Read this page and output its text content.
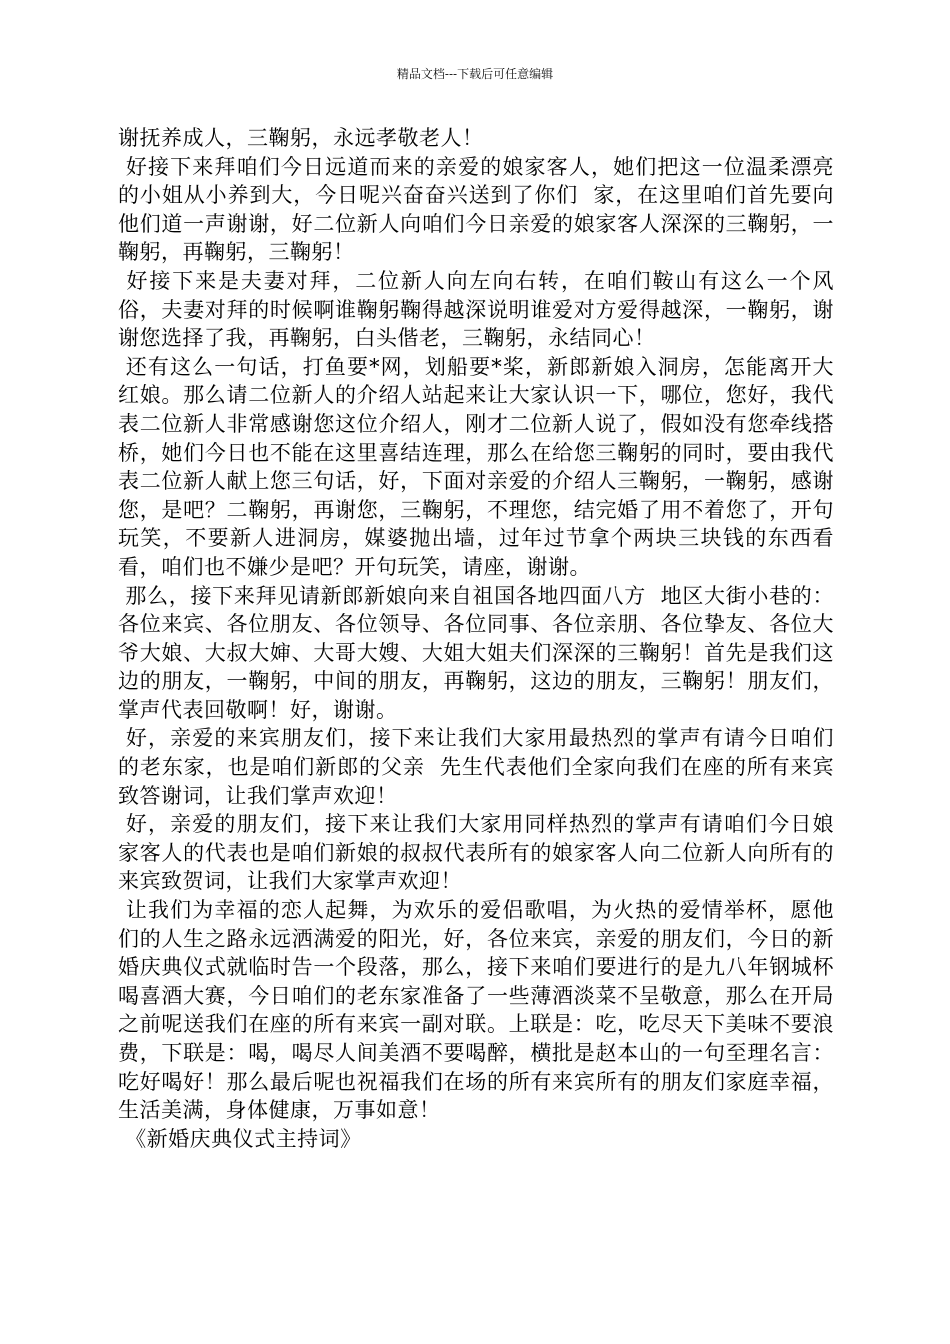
精品文档---下载后可任意编辑

谢抚养成人，三鞠躬，永远孝敬老人！

好接下来拜咱们今日远道而来的亲爱的娘家客人，她们把这一位温柔漂亮的小姐从小养到大，今日呢兴奋奋兴送到了你们  家，在这里咱们首先要向他们道一声谢谢，好二位新人向咱们今日亲爱的娘家客人深深的三鞠躬，一鞠躬，再鞠躬，三鞠躬！

好接下来是夫妻对拜，二位新人向左向右转，在咱们鞍山有这么一个风俗，夫妻对拜的时候啊谁鞠躬鞠得越深说明谁爱对方爱得越深，一鞠躬，谢谢您选择了我，再鞠躬，白头偕老，三鞠躬，永结同心！

还有这么一句话，打鱼要*网，划船要*桨，新郎新娘入洞房，怎能离开大红娘。那么请二位新人的介绍人站起来让大家认识一下，哪位，您好，我代表二位新人非常感谢您这位介绍人，刚才二位新人说了，假如没有您牵线搭桥，她们今日也不能在这里喜结连理，那么在给您三鞠躬的同时，要由我代表二位新人献上您三句话，好，下面对亲爱的介绍人三鞠躬，一鞠躬，感谢您，是吧？二鞠躬，再谢您，三鞠躬，不理您，结完婚了用不着您了，开句玩笑，不要新人进洞房，媒婆抛出墙，过年过节拿个两块三块钱的东西看看，咱们也不嫌少是吧？开句玩笑，请座，谢谢。

那么，接下来拜见请新郎新娘向来自祖国各地四面八方  地区大街小巷的：各位来宾、各位朋友、各位领导、各位同事、各位亲朋、各位挚友、各位大爷大娘、大叔大婶、大哥大嫂、大姐大姐夫们深深的三鞠躬！首先是我们这边的朋友，一鞠躬，中间的朋友，再鞠躬，这边的朋友，三鞠躬！朋友们，掌声代表回敬啊！好，谢谢。

好，亲爱的来宾朋友们，接下来让我们大家用最热烈的掌声有请今日咱们的老东家，也是咱们新郎的父亲  先生代表他们全家向我们在座的所有来宾致答谢词，让我们掌声欢迎！

好，亲爱的朋友们，接下来让我们大家用同样热烈的掌声有请咱们今日娘家客人的代表也是咱们新娘的叔叔代表所有的娘家客人向二位新人向所有的来宾致贺词，让我们大家掌声欢迎！

让我们为幸福的恋人起舞，为欢乐的爱侣歌唱，为火热的爱情举杯，愿他们的人生之路永远洒满爱的阳光，好，各位来宾，亲爱的朋友们，今日的新婚庆典仪式就临时告一个段落，那么，接下来咱们要进行的是九八年钢城杯喝喜酒大赛，今日咱们的老东家准备了一些薄酒淡菜不呈敬意，那么在开局之前呢送我们在座的所有来宾一副对联。上联是：吃，吃尽天下美味不要浪费，下联是：喝，喝尽人间美酒不要喝醉，横批是赵本山的一句至理名言：吃好喝好！那么最后呢也祝福我们在场的所有来宾所有的朋友们家庭幸福，生活美满，身体健康，万事如意！

《新婚庆典仪式主持词》
